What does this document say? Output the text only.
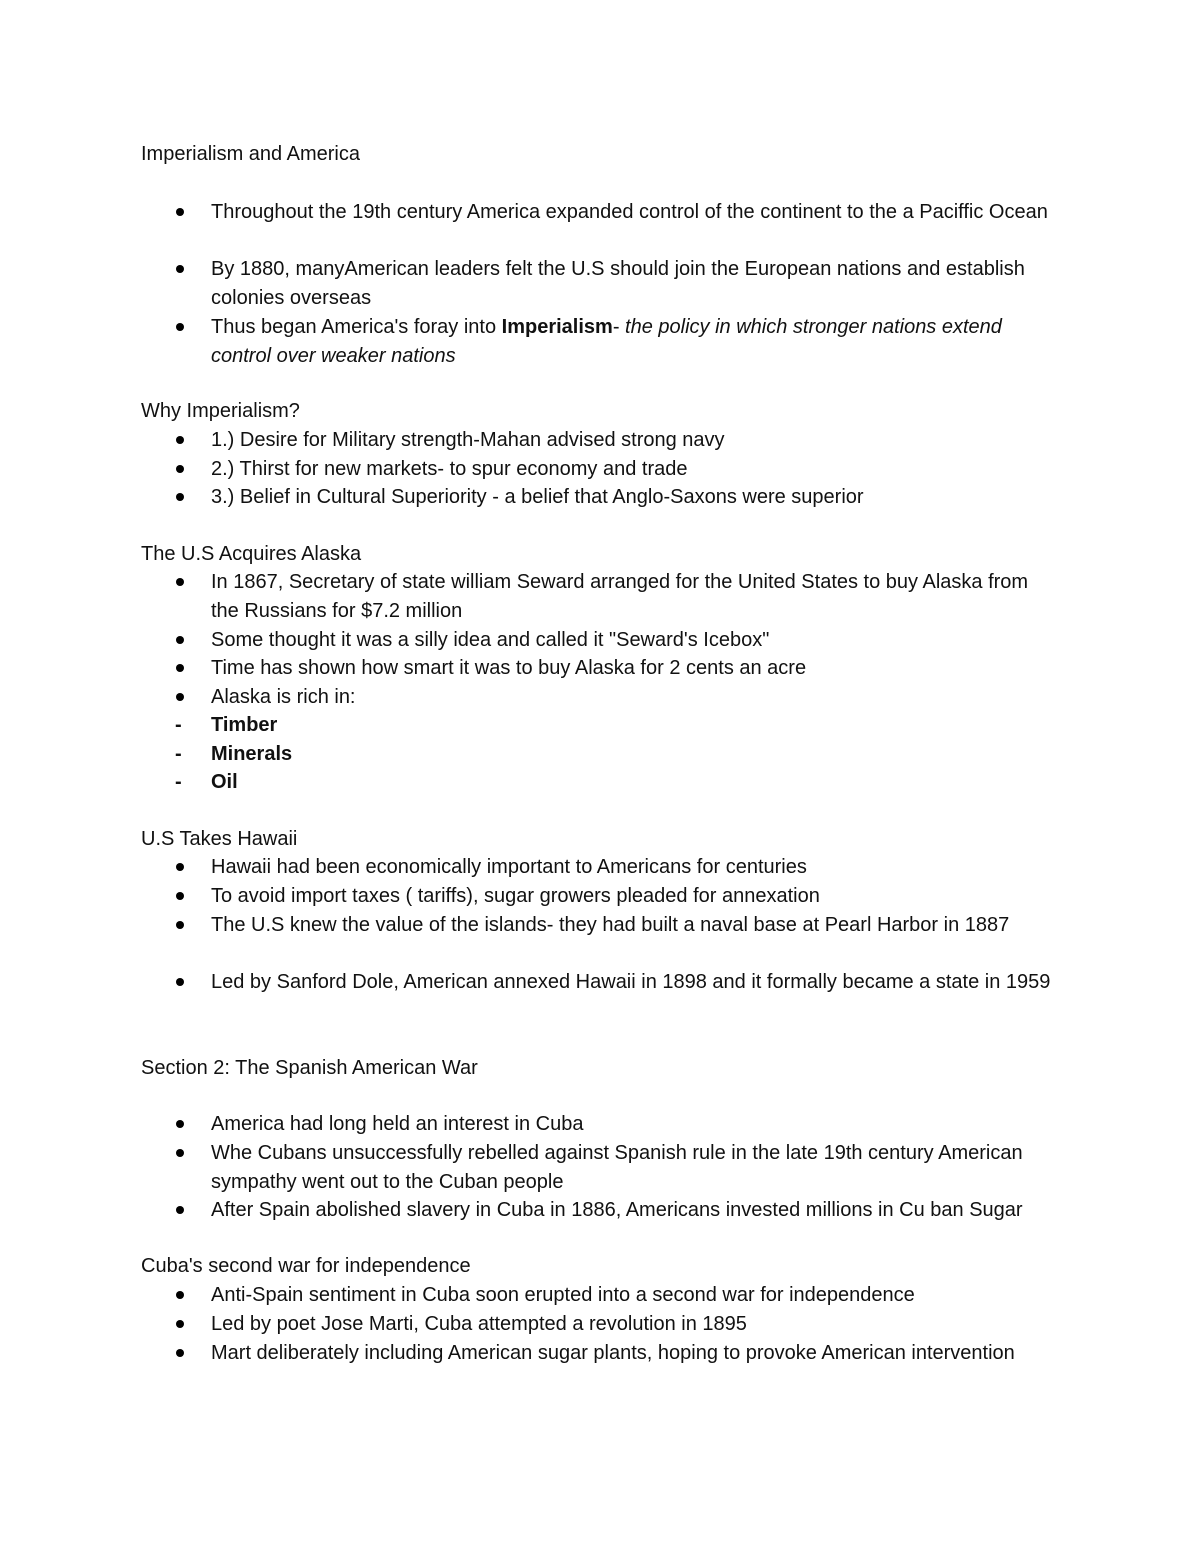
Imperialism and America
Throughout the 19th century America expanded control of the continent to the a Paciffic Ocean
By 1880, manyAmerican leaders felt the U.S should join the European nations and establish colonies overseas
Thus began America's foray into Imperialism- the policy in which stronger nations extend control over weaker nations
Why Imperialism?
1.) Desire for Military strength-Mahan advised strong navy
2.) Thirst for new markets- to spur economy and trade
3.) Belief in Cultural Superiority - a belief that Anglo-Saxons were superior
The U.S Acquires Alaska
In 1867, Secretary of state william Seward arranged for the United States to buy Alaska from the Russians for $7.2 million
Some thought it was a silly idea and called it "Seward's Icebox"
Time has shown how smart it was to buy Alaska for 2 cents an acre
Alaska is rich in:
- Timber
- Minerals
- Oil
U.S Takes Hawaii
Hawaii had been economically important to Americans for centuries
To avoid import taxes ( tariffs), sugar growers pleaded for annexation
The U.S knew the value of the islands- they had built a naval base at Pearl Harbor in 1887
Led by Sanford Dole, American annexed Hawaii in 1898 and it formally became a state in 1959
Section 2: The Spanish American War
America had long held an interest in Cuba
Whe Cubans unsuccessfully rebelled against Spanish rule in the late 19th century American sympathy went out to the Cuban people
After Spain abolished slavery in Cuba in 1886, Americans invested millions in Cu ban Sugar
Cuba's second war for independence
Anti-Spain sentiment in Cuba soon erupted into a second war for independence
Led by poet Jose Marti, Cuba attempted a revolution in 1895
Mart deliberately including American sugar plants, hoping to provoke American intervention
